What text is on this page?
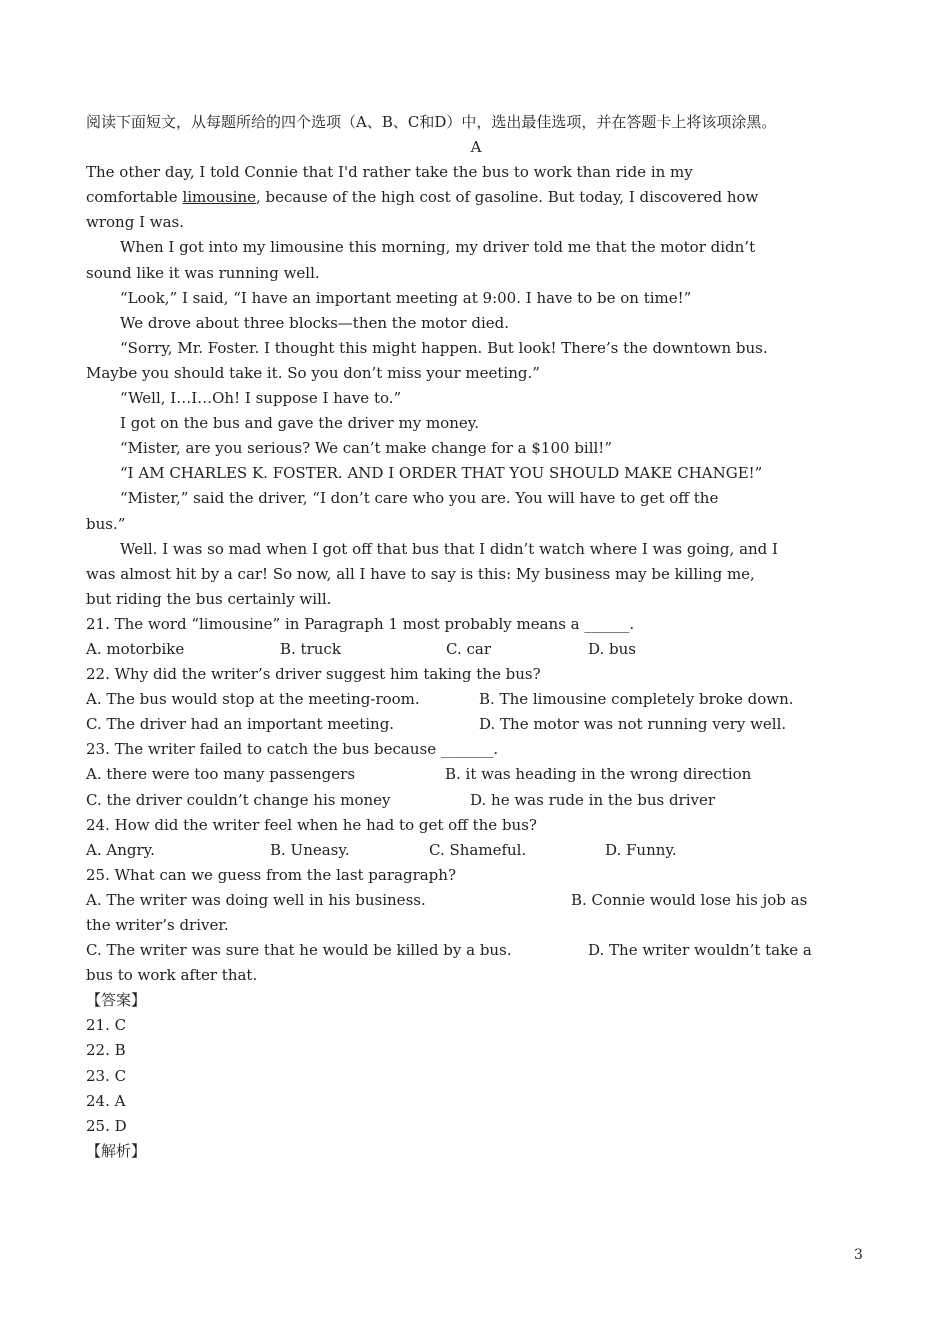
阅读下面短文，从每题所给的四个选项（A、B、C和D）中，选出最佳选项，并在答题卡上将该项涂黑。
A
The other day, I told Connie that I'd rather take the bus to work than ride in my
comfortable limousine, because of the high cost of gasoline. But today, I discovered how
wrong I was.
When I got into my limousine this morning, my driver told me that the motor didn’t
sound like it was running well.
“Look,” I said, “I have an important meeting at 9:00. I have to be on time!”
We drove about three blocks—then the motor died.
“Sorry, Mr. Foster. I thought this might happen. But look! There’s the downtown bus.
Maybe you should take it. So you don’t miss your meeting.”
“Well, I…I…Oh! I suppose I have to.”
I got on the bus and gave the driver my money.
“Mister, are you serious? We can’t make change for a $100 bill!”
“I AM CHARLES K. FOSTER. AND I ORDER THAT YOU SHOULD MAKE CHANGE!”
“Mister,” said the driver, “I don’t care who you are. You will have to get off the
bus.”
Well. I was so mad when I got off that bus that I didn’t watch where I was going, and I
was almost hit by a car! So now, all I have to say is this: My business may be killing me,
but riding the bus certainly will.
21. The word “limousine” in Paragraph 1 most probably means a ______.
A. motorbike	B. truck	C. car	D. bus
22. Why did the writer’s driver suggest him taking the bus?
A. The bus would stop at the meeting-room.	B. The limousine completely broke down.
C. The driver had an important meeting.	D. The motor was not running very well.
23. The writer failed to catch the bus because _______.
A. there were too many passengers	B. it was heading in the wrong direction
C. the driver couldn’t change his money	D. he was rude in the bus driver
24. How did the writer feel when he had to get off the bus?
A. Angry.	B. Uneasy.	C. Shameful.	D. Funny.
25. What can we guess from the last paragraph?
A. The writer was doing well in his business.	B. Connie would lose his job as
the writer’s driver.
C. The writer was sure that he would be killed by a bus.	D. The writer wouldn’t take a
bus to work after that.
【答案】
21. C
22. B
23. C
24. A
25. D
【解析】
3
